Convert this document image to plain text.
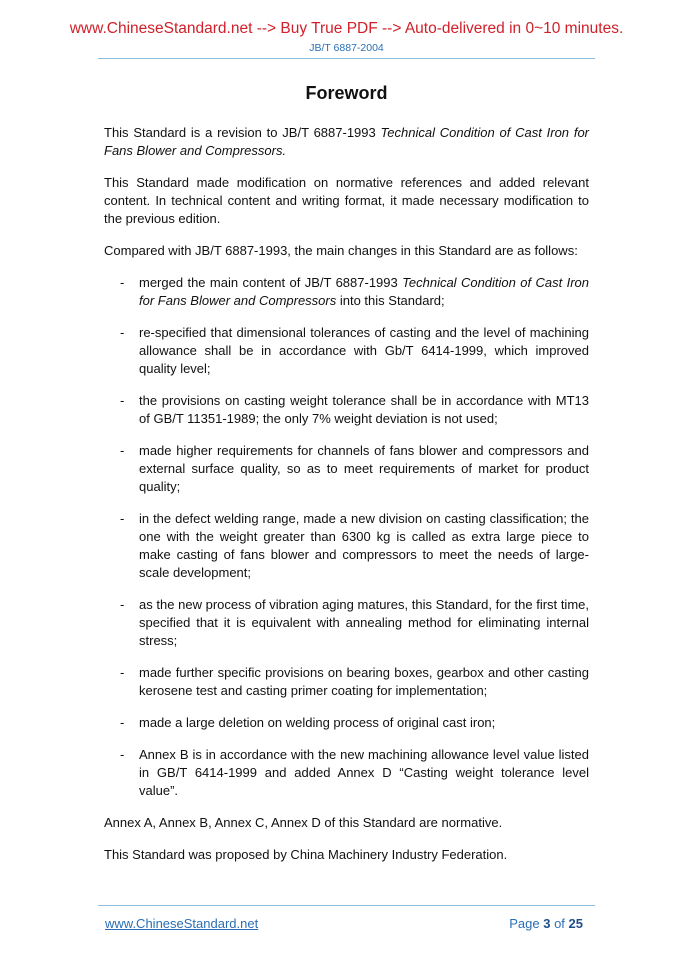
www.ChineseStandard.net --> Buy True PDF --> Auto-delivered in 0~10 minutes.
JB/T 6887-2004
Foreword

This Standard is a revision to JB/T 6887-1993 Technical Condition of Cast Iron for Fans Blower and Compressors.

This Standard made modification on normative references and added relevant content. In technical content and writing format, it made necessary modification to the previous edition.

Compared with JB/T 6887-1993, the main changes in this Standard are as follows:

- merged the main content of JB/T 6887-1993 Technical Condition of Cast Iron for Fans Blower and Compressors into this Standard;
- re-specified that dimensional tolerances of casting and the level of machining allowance shall be in accordance with Gb/T 6414-1999, which improved quality level;
- the provisions on casting weight tolerance shall be in accordance with MT13 of GB/T 11351-1989; the only 7% weight deviation is not used;
- made higher requirements for channels of fans blower and compressors and external surface quality, so as to meet requirements of market for product quality;
- in the defect welding range, made a new division on casting classification; the one with the weight greater than 6300 kg is called as extra large piece to make casting of fans blower and compressors to meet the needs of large-scale development;
- as the new process of vibration aging matures, this Standard, for the first time, specified that it is equivalent with annealing method for eliminating internal stress;
- made further specific provisions on bearing boxes, gearbox and other casting kerosene test and casting primer coating for implementation;
- made a large deletion on welding process of original cast iron;
- Annex B is in accordance with the new machining allowance level value listed in GB/T 6414-1999 and added Annex D “Casting weight tolerance level value”.

Annex A, Annex B, Annex C, Annex D of this Standard are normative.

This Standard was proposed by China Machinery Industry Federation.

www.ChineseStandard.net	Page 3 of 25
